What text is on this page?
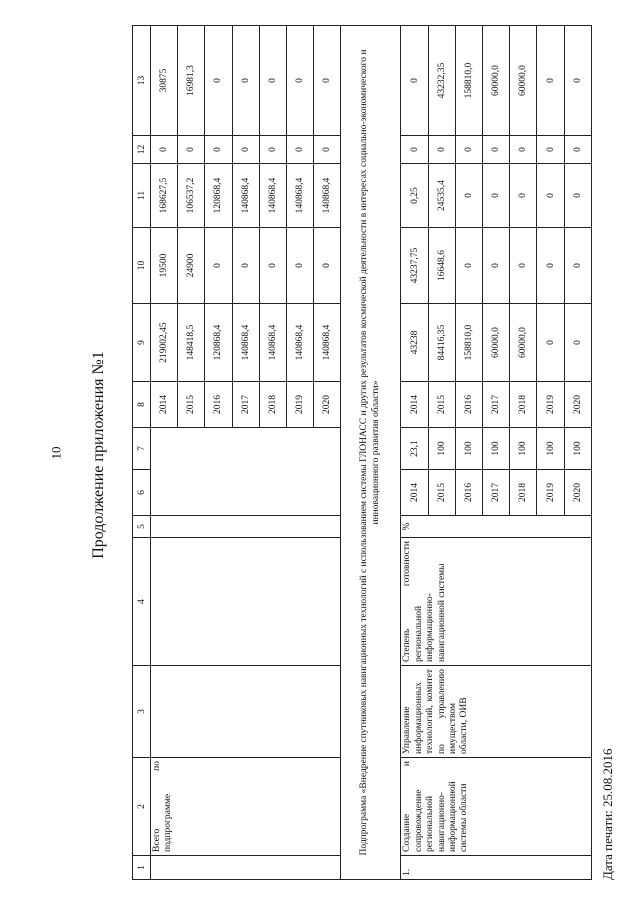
10 Продолжение приложения №1
1	2	3	4	5	6	7	8	9	10	11	12	13
	Всего по подпрограмме						2014	219002,45	19500	168627,5	0	30875
							2015	148418,5	24900	106537,2	0	16981,3
							2016	120868,4	0	120868,4	0	0
							2017	140868,4	0	140868,4	0	0
							2018	140868,4	0	140868,4	0	0
							2019	140868,4	0	140868,4	0	0
							2020	140868,4	0	140868,4	0	0
Подпрограмма «Внедрение спутниковых навигационных технологий с использованием системы ГЛОНАСС и других результатов космической деятельности в интересах социально-экономического и инновационного развития области»												
1.	Создание и сопровождение региональной навигационно-информационной системы области	Управление информационных технологий, комитет по управлению имуществом области, ОИВ	Степень готовности региональной информационно-навигационной системы	%	2014	23,1	2014	43238	43237,75	0,25	0	0
					2015	100	2015	84416,35	16648,6	24535,4	0	43232,35
					2016	100	2016	158810,0	0	0	0	158810,0
					2017	100	2017	60000,0	0	0	0	60000,0
					2018	100	2018	60000,0	0	0	0	60000,0
					2019	100	2019	0	0	0	0	0
					2020	100	2020	0	0	0	0	0
Дата печати: 25.08.2016
